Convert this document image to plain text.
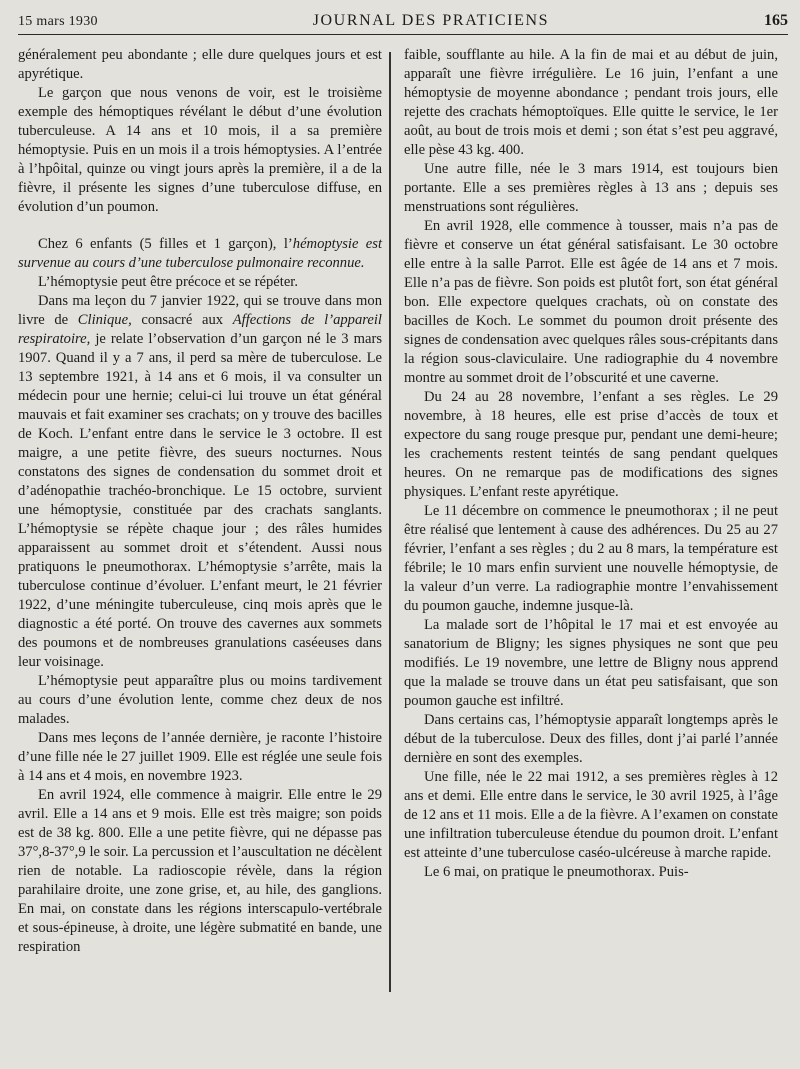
15 mars 1930	JOURNAL DES PRATICIENS	165

généralement peu abondante ; elle dure quelques jours et est apyrétique.

Le garçon que nous venons de voir, est le troisième exemple des hémoptiques révélant le début d’une évolution tuberculeuse. A 14 ans et 10 mois, il a sa première hémoptysie. Puis en un mois il a trois hémoptysies. A l’entrée à l’hpôital, quinze ou vingt jours après la première, il a de la fièvre, il présente les signes d’une tuberculose diffuse, en évolution d’un poumon.

Chez 6 enfants (5 filles et 1 garçon), l’hémoptysie est survenue au cours d’une tuberculose pulmonaire reconnue.

L’hémoptysie peut être précoce et se répéter.

Dans ma leçon du 7 janvier 1922, qui se trouve dans mon livre de Clinique, consacré aux Affections de l’appareil respiratoire, je relate l’observation d’un garçon né le 3 mars 1907. Quand il y a 7 ans, il perd sa mère de tuberculose. Le 13 septembre 1921, à 14 ans et 6 mois, il va consulter un médecin pour une hernie; celui-ci lui trouve un état général mauvais et fait examiner ses crachats; on y trouve des bacilles de Koch. L’enfant entre dans le service le 3 octobre. Il est maigre, a une petite fièvre, des sueurs nocturnes. Nous constatons des signes de condensation du sommet droit et d’adénopathie trachéo-bronchique. Le 15 octobre, survient une hémoptysie, constituée par des crachats sanglants. L’hémoptysie se répète chaque jour ; des râles humides apparaissent au sommet droit et s’étendent. Aussi nous pratiquons le pneumothorax. L’hémoptysie s’arrête, mais la tuberculose continue d’évoluer. L’enfant meurt, le 21 février 1922, d’une méningite tuberculeuse, cinq mois après que le diagnostic a été porté. On trouve des cavernes aux sommets des poumons et de nombreuses granulations caséeuses dans leur voisinage.

L’hémoptysie peut apparaître plus ou moins tardivement au cours d’une évolution lente, comme chez deux de nos malades.

Dans mes leçons de l’année dernière, je raconte l’histoire d’une fille née le 27 juillet 1909. Elle est réglée une seule fois à 14 ans et 4 mois, en novembre 1923.

En avril 1924, elle commence à maigrir. Elle entre le 29 avril. Elle a 14 ans et 9 mois. Elle est très maigre; son poids est de 38 kg. 800. Elle a une petite fièvre, qui ne dépasse pas 37°,8-37°,9 le soir. La percussion et l’auscultation ne décèlent rien de notable. La radioscopie révèle, dans la région parahilaire droite, une zone grise, et, au hile, des ganglions. En mai, on constate dans les régions interscapulo-vertébrale et sous-épineuse, à droite, une légère submatité en bande, une respiration

faible, soufflante au hile. A la fin de mai et au début de juin, apparaît une fièvre irrégulière. Le 16 juin, l’enfant a une hémoptysie de moyenne abondance ; pendant trois jours, elle rejette des crachats hémoptoïques. Elle quitte le service, le 1er août, au bout de trois mois et demi ; son état s’est peu aggravé, elle pèse 43 kg. 400.

Une autre fille, née le 3 mars 1914, est toujours bien portante. Elle a ses premières règles à 13 ans ; depuis ses menstruations sont régulières.

En avril 1928, elle commence à tousser, mais n’a pas de fièvre et conserve un état général satisfaisant. Le 30 octobre elle entre à la salle Parrot. Elle est âgée de 14 ans et 7 mois. Elle n’a pas de fièvre. Son poids est plutôt fort, son état général bon. Elle expectore quelques crachats, où on constate des bacilles de Koch. Le sommet du poumon droit présente des signes de condensation avec quelques râles sous-crépitants dans la région sous-claviculaire. Une radiographie du 4 novembre montre au sommet droit de l’obscurité et une caverne.

Du 24 au 28 novembre, l’enfant a ses règles. Le 29 novembre, à 18 heures, elle est prise d’accès de toux et expectore du sang rouge presque pur, pendant une demi-heure; les crachements restent teintés de sang pendant quelques heures. On ne remarque pas de modifications des signes physiques. L’enfant reste apyrétique.

Le 11 décembre on commence le pneumothorax ; il ne peut être réalisé que lentement à cause des adhérences. Du 25 au 27 février, l’enfant a ses règles ; du 2 au 8 mars, la température est fébrile; le 10 mars enfin survient une nouvelle hémoptysie, de la valeur d’un verre. La radiographie montre l’envahissement du poumon gauche, indemne jusque-là.

La malade sort de l’hôpital le 17 mai et est envoyée au sanatorium de Bligny; les signes physiques ne sont que peu modifiés. Le 19 novembre, une lettre de Bligny nous apprend que la malade se trouve dans un état peu satisfaisant, que son poumon gauche est infiltré.

Dans certains cas, l’hémoptysie apparaît longtemps après le début de la tuberculose. Deux des filles, dont j’ai parlé l’année dernière en sont des exemples.

Une fille, née le 22 mai 1912, a ses premières règles à 12 ans et demi. Elle entre dans le service, le 30 avril 1925, à l’âge de 12 ans et 11 mois. Elle a de la fièvre. A l’examen on constate une infiltration tuberculeuse étendue du poumon droit. L’enfant est atteinte d’une tuberculose caséo-ulcéreuse à marche rapide.

Le 6 mai, on pratique le pneumothorax. Puis-
